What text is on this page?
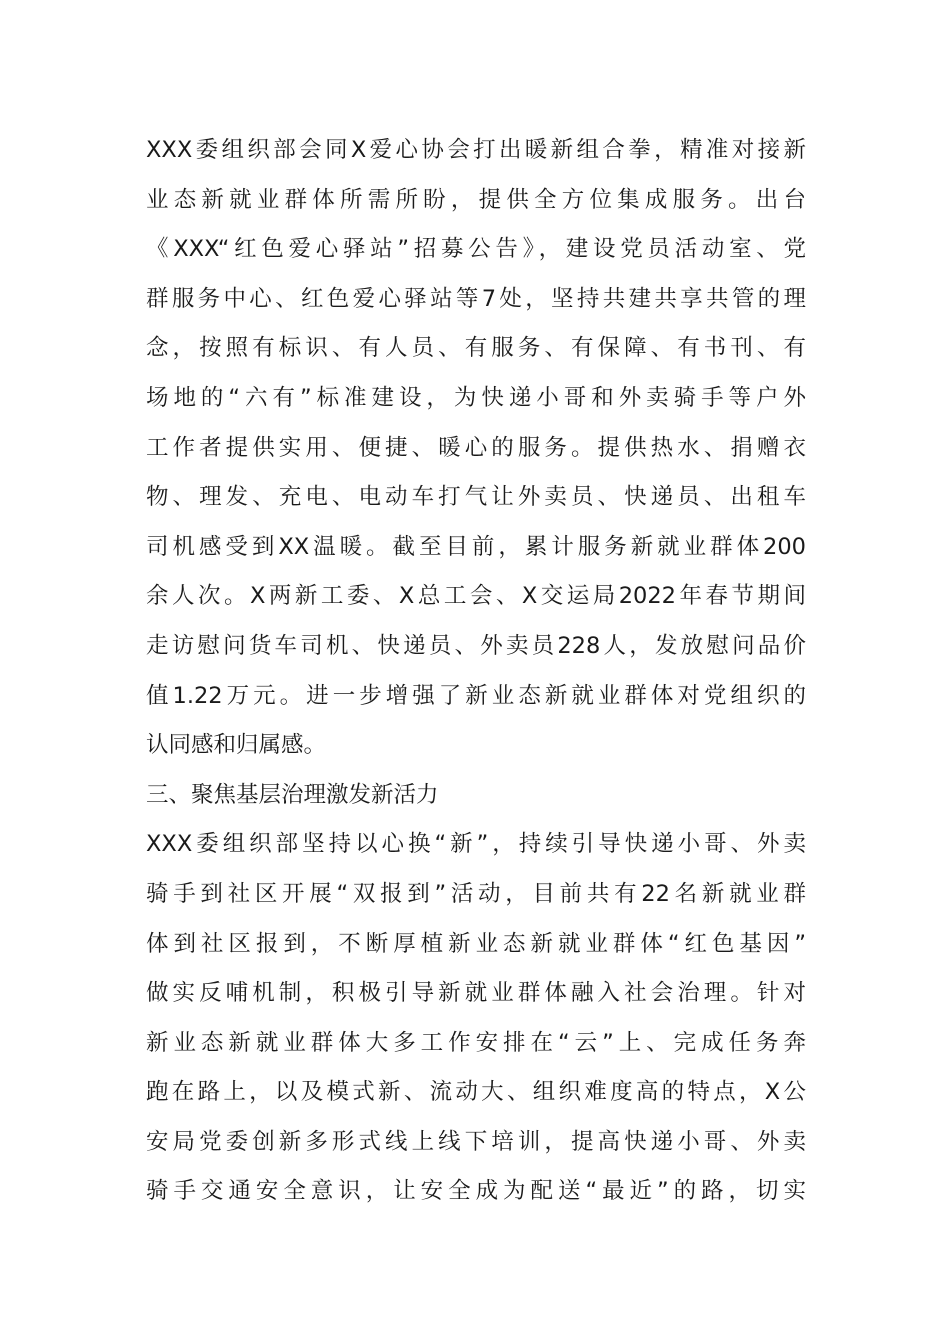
XXX委组织部会同X爱心协会打出暖新组合拳，精准对接新
业态新就业群体所需所盼，提供全方位集成服务。出台
《XXX“红色爱心驿站”招募公告》，建设党员活动室、党
群服务中心、红色爱心驿站等7处，坚持共建共享共管的理
念，按照有标识、有人员、有服务、有保障、有书刊、有
场地的“六有”标准建设，为快递小哥和外卖骑手等户外
工作者提供实用、便捷、暖心的服务。提供热水、捐赠衣
物、理发、充电、电动车打气让外卖员、快递员、出租车
司机感受到XX温暖。截至目前，累计服务新就业群体200
余人次。X两新工委、X总工会、X交运局2022年春节期间
走访慰问货车司机、快递员、外卖员228人，发放慰问品价
值1.22万元。进一步增强了新业态新就业群体对党组织的
认同感和归属感。
三、聚焦基层治理激发新活力
XXX委组织部坚持以心换“新”，持续引导快递小哥、外卖
骑手到社区开展“双报到”活动，目前共有22名新就业群
体到社区报到，不断厚植新业态新就业群体“红色基因”
做实反哺机制，积极引导新就业群体融入社会治理。针对
新业态新就业群体大多工作安排在“云”上、完成任务奔
跑在路上，以及模式新、流动大、组织难度高的特点，X公
安局党委创新多形式线上线下培训，提高快递小哥、外卖
骑手交通安全意识，让安全成为配送“最近”的路，切实
